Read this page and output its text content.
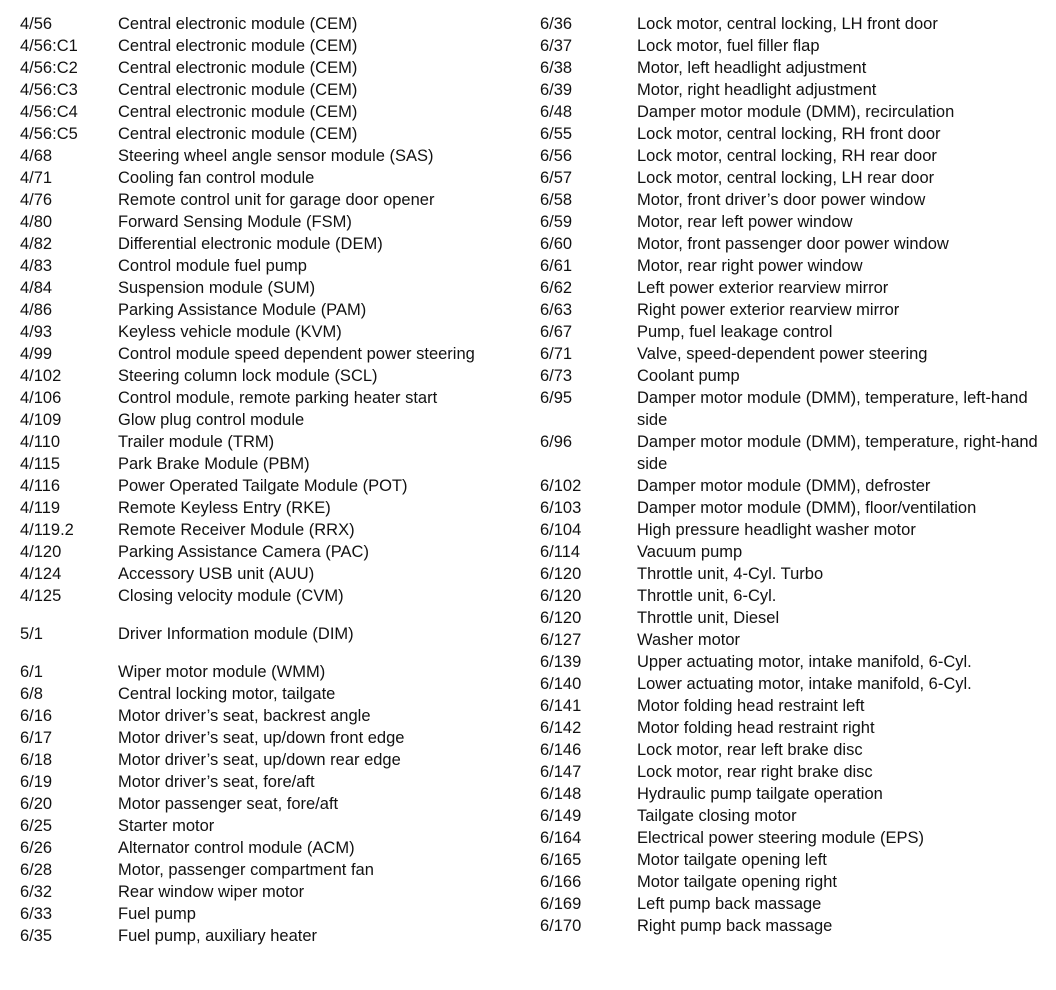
4/56	Central electronic module (CEM)
4/56:C1	Central electronic module (CEM)
4/56:C2	Central electronic module (CEM)
4/56:C3	Central electronic module (CEM)
4/56:C4	Central electronic module (CEM)
4/56:C5	Central electronic module (CEM)
4/68	Steering wheel angle sensor module (SAS)
4/71	Cooling fan control module
4/76	Remote control unit for garage door opener
4/80	Forward Sensing Module (FSM)
4/82	Differential electronic module (DEM)
4/83	Control module fuel pump
4/84	Suspension module (SUM)
4/86	Parking Assistance Module (PAM)
4/93	Keyless vehicle module (KVM)
4/99	Control module speed dependent power steering
4/102	Steering column lock module (SCL)
4/106	Control module, remote parking heater start
4/109	Glow plug control module
4/110	Trailer module (TRM)
4/115	Park Brake Module (PBM)
4/116	Power Operated Tailgate Module (POT)
4/119	Remote Keyless Entry (RKE)
4/119.2	Remote Receiver Module (RRX)
4/120	Parking Assistance Camera (PAC)
4/124	Accessory USB unit (AUU)
4/125	Closing velocity module (CVM)
5/1	Driver Information module (DIM)
6/1	Wiper motor module (WMM)
6/8	Central locking motor, tailgate
6/16	Motor driver’s seat, backrest angle
6/17	Motor driver’s seat, up/down front edge
6/18	Motor driver’s seat, up/down rear edge
6/19	Motor driver’s seat, fore/aft
6/20	Motor passenger seat, fore/aft
6/25	Starter motor
6/26	Alternator control module (ACM)
6/28	Motor, passenger compartment fan
6/32	Rear window wiper motor
6/33	Fuel pump
6/35	Fuel pump, auxiliary heater
6/36	Lock motor, central locking, LH front door
6/37	Lock motor, fuel filler flap
6/38	Motor, left headlight adjustment
6/39	Motor, right headlight adjustment
6/48	Damper motor module (DMM), recirculation
6/55	Lock motor, central locking, RH front door
6/56	Lock motor, central locking, RH rear door
6/57	Lock motor, central locking, LH rear door
6/58	Motor, front driver’s door power window
6/59	Motor, rear left power window
6/60	Motor, front passenger door power window
6/61	Motor, rear right power window
6/62	Left power exterior rearview mirror
6/63	Right power exterior rearview mirror
6/67	Pump, fuel leakage control
6/71	Valve, speed-dependent power steering
6/73	Coolant pump
6/95	Damper motor module (DMM), temperature, left-hand side
6/96	Damper motor module (DMM), temperature, right-hand side
6/102	Damper motor module (DMM), defroster
6/103	Damper motor module (DMM), floor/ventilation
6/104	High pressure headlight washer motor
6/114	Vacuum pump
6/120	Throttle unit, 4-Cyl. Turbo
6/120	Throttle unit, 6-Cyl.
6/120	Throttle unit, Diesel
6/127	Washer motor
6/139	Upper actuating motor, intake manifold, 6-Cyl.
6/140	Lower actuating motor, intake manifold, 6-Cyl.
6/141	Motor folding head restraint left
6/142	Motor folding head restraint right
6/146	Lock motor, rear left brake disc
6/147	Lock motor, rear right brake disc
6/148	Hydraulic pump tailgate operation
6/149	Tailgate closing motor
6/164	Electrical power steering module (EPS)
6/165	Motor tailgate opening left
6/166	Motor tailgate opening right
6/169	Left pump back massage
6/170	Right pump back massage
